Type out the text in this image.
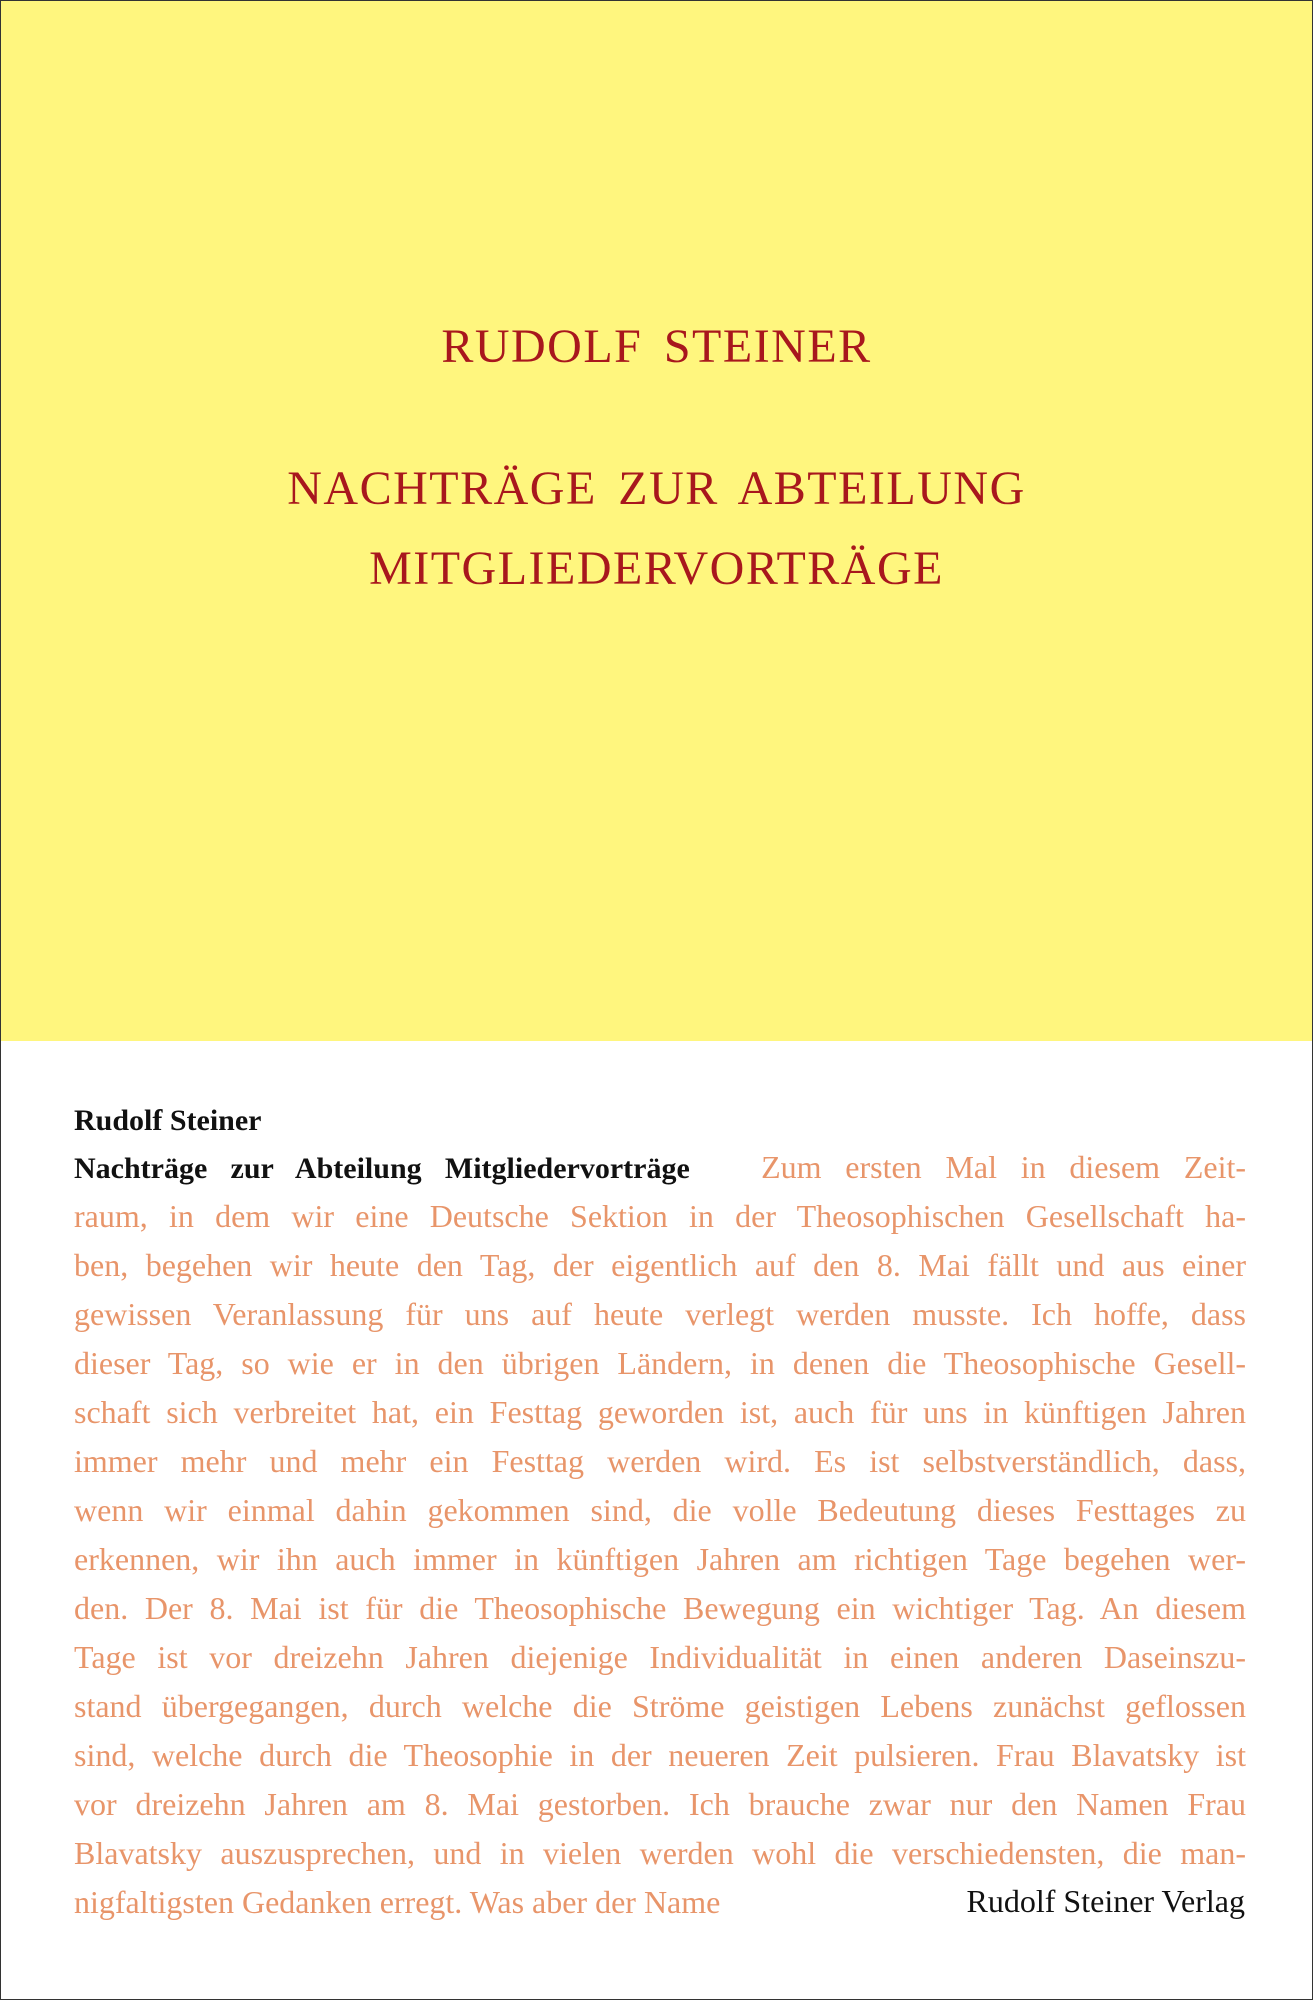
RUDOLF STEINER
NACHTRÄGE ZUR ABTEILUNG
MITGLIEDERVORTRÄGE
Rudolf Steiner
Nachträge zur Abteilung Mitgliedervorträge Zum ersten Mal in diesem Zeit-
raum, in dem wir eine Deutsche Sektion in der Theosophischen Gesellschaft ha-
ben, begehen wir heute den Tag, der eigentlich auf den 8. Mai fällt und aus einer
gewissen Veranlassung für uns auf heute verlegt werden musste. Ich hoffe, dass
dieser Tag, so wie er in den übrigen Ländern, in denen die Theosophische Gesell-
schaft sich verbreitet hat, ein Festtag geworden ist, auch für uns in künftigen Jahren
immer mehr und mehr ein Festtag werden wird. Es ist selbstverständlich, dass,
wenn wir einmal dahin gekommen sind, die volle Bedeutung dieses Festtages zu
erkennen, wir ihn auch immer in künftigen Jahren am richtigen Tage begehen wer-
den. Der 8. Mai ist für die Theosophische Bewegung ein wichtiger Tag. An diesem
Tage ist vor dreizehn Jahren diejenige Individualität in einen anderen Daseinszu-
stand übergegangen, durch welche die Ströme geistigen Lebens zunächst geflossen
sind, welche durch die Theosophie in der neueren Zeit pulsieren. Frau Blavatsky ist
vor dreizehn Jahren am 8. Mai gestorben. Ich brauche zwar nur den Namen Frau
Blavatsky auszusprechen, und in vielen werden wohl die verschiedensten, die man-
nigfaltigsten Gedanken erregt. Was aber der Name	Rudolf Steiner Verlag
